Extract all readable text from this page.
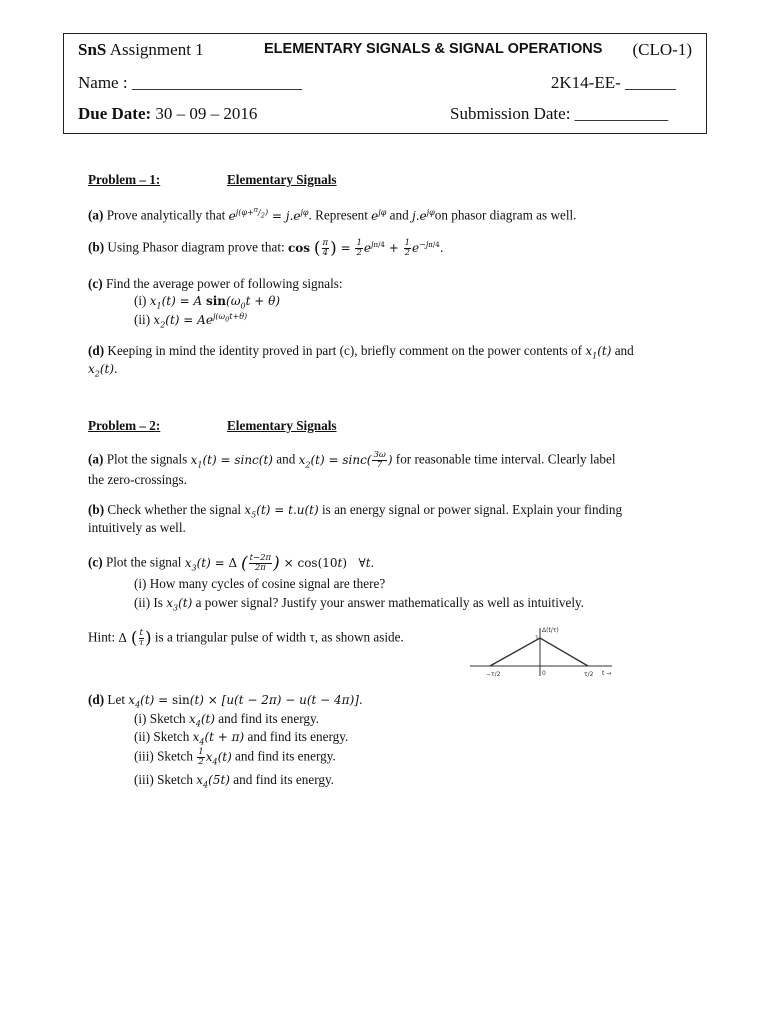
SnS Assignment 1	ELEMENTARY SIGNALS & SIGNAL OPERATIONS (CLO-1)
Name : ____________________	2K14-EE- ______
Due Date: 30 – 09 – 2016	Submission Date: ___________
Problem – 1:	Elementary Signals
(a) Prove analytically that $e^{j(\varphi+^\pi/_2)} = j.e^{j\varphi}$. Represent $e^{j\varphi}$ and $j.e^{j\varphi}on$ phasor diagram as well.
(b) Using Phasor diagram prove that: cos ( $\frac{\pi}{4}$ ) = $\frac{1}{2} e^{j\pi/4} + \frac{1}{2} e^{-j\pi/4}$.
(c) Find the average power of following signals:
(i) $x_1(t) = A$ $\sin(\omega_0t + \theta)$
(ii) $x_2(t) = Ae^{j(\omega_0t+\theta)}$
(d) Keeping in mind the identity proved in part (c), briefly comment on the power contents of $x_1(t)$ and
$x_2(t)$.
Problem – 2:	Elementary Signals
(a) Plot the signals $x_1(t) = \sin c(t)$ and $x_2(t) = \sin c( \frac{3\omega}{7}$ ) for reasonable time interval. Clearly label
the zero-crossings.
(b) Check whether the signal $x_5(t) = t.u(t)$ is an energy signal or power signal. Explain your finding
intuitively as well.
(c) Plot the signal $x_3(t) = \Delta$ ( $\frac{t-2\pi}{2\pi}$ ) × cos(10t)   ∀t.
(i) How many cycles of cosine signal are there?
(ii) Is $x_3(t)$ a power signal? Justify your answer mathematically as well as intuitively.
Hint: Δ ( $\frac{t}{\tau}$ ) is a triangular pulse of width τ, as shown aside.	Δ(t/τ)
1
0
−τ/2	τ/2 t →
(d) Let $x_4(t) = \sin(t) \times [u(t - 2\pi) - u(t - 4\pi)]$.
(i) Sketch $x_4(t)$ and find its energy.
(ii) Sketch $x_4(t + \pi)$ and find its energy.
(iii) Sketch $\frac{1}{2} x_4(t)$ and find its energy.
(iii) Sketch $x_4(5t)$ and find its energy.
